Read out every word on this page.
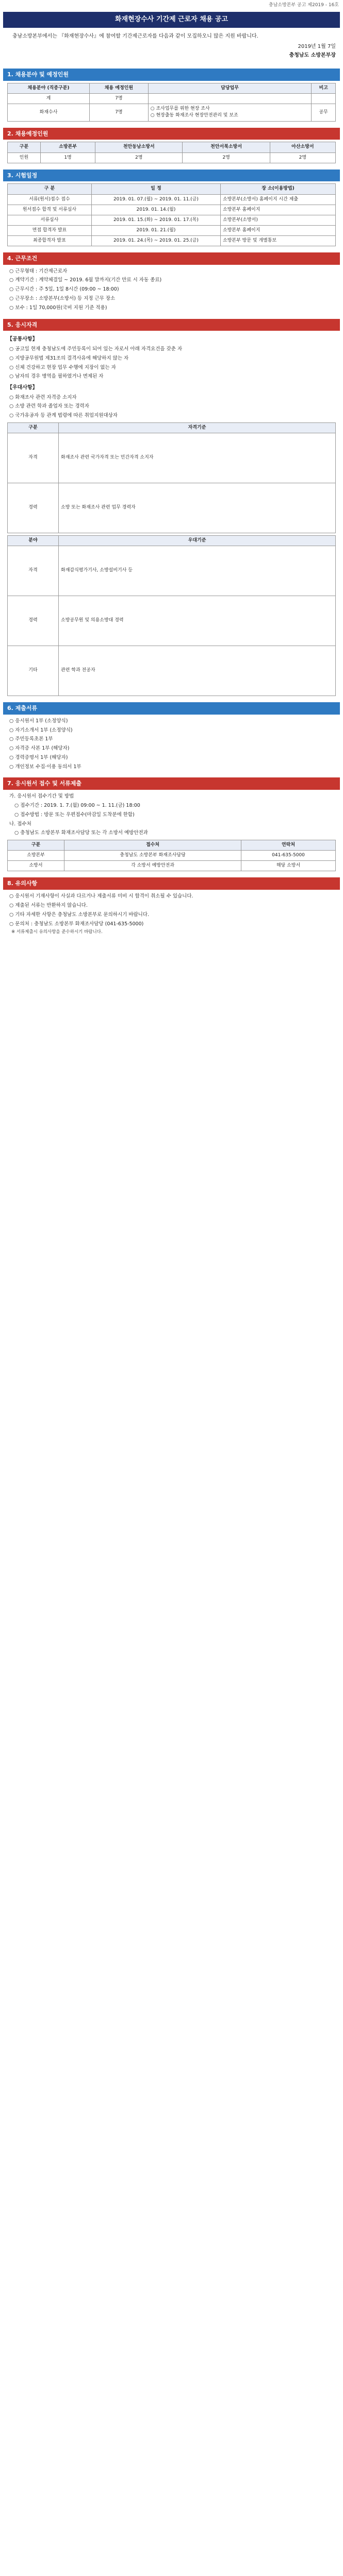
충남소방본부 공고 제2019 - 16호
화재현장수사 기간제 근로자 채용 공고
충남소방본부에서는 『화재현장수사』에 참여할 기간제근로자를 다음과 같이 모집하오니 많은 지원 바랍니다.
2019년 1월 7일
충청남도 소방본부장
1. 채용분야 및 예정인원
채용분야 (직종구분)	채용 예정인원	담당업무	비고
계	7명		
화재수사	7명	○ 조사업무를 위한 현장 조사
○ 현장출동 화재조사 현장안전관리 및 보조	공무
2. 채용예정인원
구분	소방본부	천안동남소방서	천안서북소방서	아산소방서
인원	1명	2명	2명	2명
3. 시험일정
구 분	일 정	장 소(이용방법)
서류(원서)접수 접수	2019. 01. 07.(월) ~ 2019. 01. 11.(금)	소방본부(소방서) 홈페이지 시간 제출
원서접수 합격 및 서류심사	2019. 01. 14.(월)	소방본부 홈페이지
서류심사	2019. 01. 15.(화) ~ 2019. 01. 17.(목)	소방본부(소방서)
면접 합격자 발표	2019. 01. 21.(월)	소방본부 홈페이지
최종합격자 발표	2019. 01. 24.(목) ~ 2019. 01. 25.(금)	소방본부 방문 및 개별통보
4. 근무조건
○ 근무형태 : 기간제근로자
○ 계약기간 : 계약체결일 ~ 2019. 6월 말까지(기간 만료 시 자동 종료)
○ 근무시간 : 주 5일, 1일 8시간 (09:00 ~ 18:00)
○ 근무장소 : 소방본부(소방서) 등 지정 근무 장소
○ 보수 : 1일 70,000원(국비 지원 기준 적용)
5. 응시자격
【공통사항】
○ 공고일 현재 충청남도에 주민등록이 되어 있는 자로서 아래 자격요건을 갖춘 자
○ 지방공무원법 제31조의 결격사유에 해당하지 않는 자
○ 신체 건강하고 현장 업무 수행에 지장이 없는 자
○ 남자의 경우 병역을 필하였거나 면제된 자
【우대사항】
○ 화재조사 관련 자격증 소지자
○ 소방 관련 학과 졸업자 또는 경력자
○ 국가유공자 등 관계 법령에 따른 취업지원대상자
구분	자격기준
자격	화재조사 관련 국가자격 또는 민간자격 소지자
경력	소방 또는 화재조사 관련 업무 경력자
분야	우대기준
자격	화재감식평가기사, 소방설비기사 등
경력	소방공무원 및 의용소방대 경력
기타	관련 학과 전공자
6. 제출서류
○ 응시원서 1부 (소정양식)
○ 자기소개서 1부 (소정양식)
○ 주민등록초본 1부
○ 자격증 사본 1부 (해당자)
○ 경력증명서 1부 (해당자)
○ 개인정보 수집·이용 동의서 1부
7. 응시원서 접수 및 서류제출
가. 응시원서 접수기간 및 방법
○ 접수기간 : 2019. 1. 7.(월) 09:00 ~ 1. 11.(금) 18:00
○ 접수방법 : 방문 또는 우편접수(마감일 도착분에 한함)
나. 접수처
○ 충청남도 소방본부 화재조사담당 또는 각 소방서 예방안전과
구분	접수처	연락처
소방본부	충청남도 소방본부 화재조사담당	041-635-5000
소방서	각 소방서 예방안전과	해당 소방서
8. 유의사항
○ 응시원서 기재사항이 사실과 다르거나 제출서류 미비 시 합격이 취소될 수 있습니다.
○ 제출된 서류는 반환하지 않습니다.
○ 기타 자세한 사항은 충청남도 소방본부로 문의하시기 바랍니다.
○ 문의처 : 충청남도 소방본부 화재조사담당 (041-635-5000)
※ 서류제출시 유의사항을 준수하시기 바랍니다.
